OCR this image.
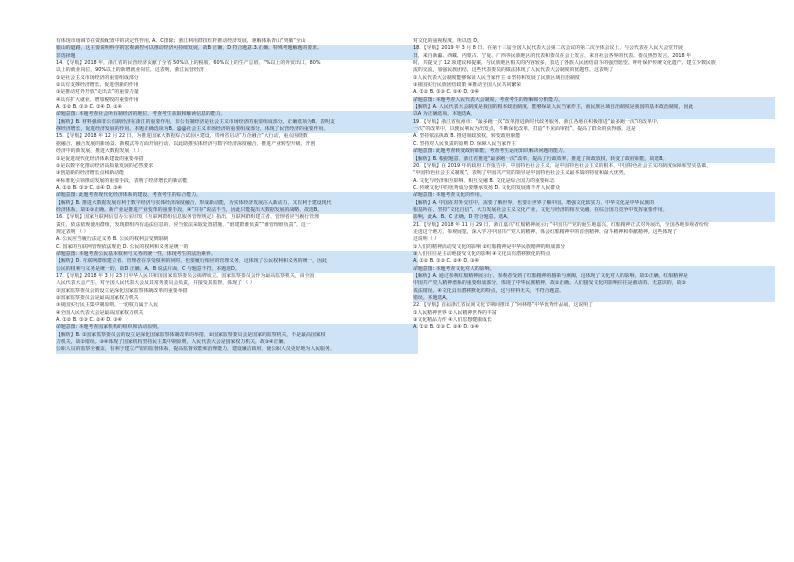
有体现市场调节在资源配置中的决定性作用, A、C排除；浙江利用群技红杆推动经济发展，驱解体系青山“突破”全山
银山的道路，这主要说明科学的宏观调控可以推动经济可持续发展，故B 正确，D 符合题意.3.正确。特殊考题解题的要求。
非选择题
14．【导航】2018 年，浙江省的民营经济贡献了全省 50%以上的税收，60%以上的生产总值，“%以上的外贸出口，80%
以上的就业岗位，90%以上的新增就业岗位，这表明，浙江民营经济
①是社会主义市场经济的重要组成部分
②具有支撑经济增长，促进创新的作用
③是推动对外开放“走出去”的重要力量
④具有扩大就业、增加税收的重要作用
A. ①② B. ①③ C. ①④ D. ②④
命题意图: 本题考查社会所有制经济的地位，考查考生获取和解读信息的能力。
【解析】B. 材料强调非公有制经济在浙江的重要作用，非公有制经济是社会主义市场经济的重要组成部分。正确选项为B，表明支
撑经济增长，促进经济发展的作用。本题正确选项为B。@@社会主义市场经济的重要组成部分，体现了民营经济的重要作用。
15．【导航】2018 年 12 月 22 日，为推进国家大数据综合试验区建设，贵州省启动“万企融合”大行动，重点围绕数
据融合、融合发展的新场景、新模式等方面开展行动，以此助推实体经济与数字经济深度融合，推进产业转型升级，开创
经济中的新发展，推进大数据发展 （ ）
①是促进现代化经济体系建设的重要举措
②是以数字化推动经济高质量发展的必然要求
③创造新的经济增长点和新动能
④标准化引领推动发展的重要手段，表明了经济增长的新动能
A. ①② B. ①③ C. ②④ D. ③④
命题意图: 此题考查现代化经济体系的建设，考查考生的综合能力。
【解析】B. 推进大数据发展有利于数字经济与实体经济深度融合，形成新动能，为实体经济发展注入新动力，又有利于建设现代
经济体系。故①③正确。新产业是推进产业变革的重要手段，④“并存”说法不当，因此只能提出大数据发展的战略，故选B。
16．【导航】国家互联网信息办公室印发《互联网群组信息服务管理规定》指出，互联网群组建立者、管理者应当履行管理
责任，依法依规使用群组，发现群组内有违法信息的，应当依法采取处置措施，“谁建群谁负责”“谁管理谁负责”。这一
规定表明 （ ）
A. 公民应当履行法定义务 B. 公民的权利会受到限制
C. 国家的互联网管理依法规范 D. 公民的权利和义务是统一的
命题意图: 本题考查公民基本权利与义务的统一性，体现考生的法治素养。
【解析】D. 互联网群组建立者、管理者在享受权利的同时，也要履行相应的管理义务，这体现了公民权利和义务的统一。因此
公民的权利与义务是统一的，故D 正确。A、B 说法片面，C 与题意不符。本题选D。
17．【导航】2018 年 3 月 23 日中华人民共和国国家监察委员会揭牌成立。国家监察委员会作为最高监察机关，由全国
人民代表大会产生，对全国人民代表大会及其常务委员会负责，并接受其监督，体现了 （ ）
①国家监察委员会的设立是深化国家监察体制改革的重要举措
②国家监察委员会是最高国家权力机关
③我国实行民主集中制原则，一切权力属于人民
④全国人民代表大会是最高国家权力机关
A. ①② B. ①③ C. ②④ D. ③④
命题意图: 本题考查国家机构的组织和活动原则。
【解析】B. ①国家监察委员会的设立是深化国家监察体制改革的举措，②国家监察委员会是国家的监察机关，不是最高国家权
力机关，故②错误。③④体现了国家机构坚持民主集中制原则，人民代表大会是国家权力机关，故③④正确。
公职人员的监察全覆盖，有利于建立严密的监督体系，提高监督效能和治理能力，建设廉洁政府，使公职人员更好地为人民服务。
对文化的重视程度，所以选 D。
18．【导航】2019 年 3 月 8 日，在第十三届全国人民代表大会第二次会议的第二次全体会议上，与会代表在人民大会堂开展
日，来自新疆、西藏、内蒙古、宁夏、广西等民族地区的代表和委员在会上发言，来自社会各界的代表、委员热烈发言。2018 年
时，共提交了 12 项建议和提案，与民族地区相关的内容较多，表达了各族人民团结奋斗的强烈愿望。呼吁保护传统文化遗产，建立少数民族
流的交流，加强民族团结，这些代表委员的做法体现了人民代表大会制度的优越性。这表明了
①人民代表大会制度能够保证人民当家作主 ②坚持和发展了民族区域自治制度
③我国实行民族团结政策 ④推动全国人民共同繁荣
A. ①② B. ①③ C. ②④ D. ③④
命题意图: 本题考查人民代表大会制度，考查考生的理解和分析能力。
【解析】A. 人民代表大会制度是我国的根本政治制度，能够保证人民当家作主，而民族区域自治制度是我国的基本政治制度，因此
以A 为正确选项。本题选A。
19．【导航】浙江省杭州市：“最多跑一次”改革推进新时代政务服务，浙江各地在积极推进“最多跑一次”的改革中，
一次”的改革中，以便民利民为出发点，不断深化改革，打造“不见面审批”，提高了群众的获得感。这是
A. 坚持依法执政 B. 推进简政放权，转变政府职能
C. 坚持对人民负责的原则 D. 保障人民当家作主
命题意图: 此题考查转变政府职能，考查考生运用知识解决问题的能力。
【解析】B. 根据题意，浙江省推进“最多跑一次”改革，提高了行政效率，推进了简政放权，转变了政府职能，故选B。
20．【导航】在 2019 年的政府工作报告中，中国特色社会主义，是中国特色社会主义的根本，中国特色社会主义的制度保障和坚实基础，
“中国特色社会主义制度”，表明了中国共产党的领导是中国特色社会主义最本质的特征和最大优势。
A. 文化与经济相互影响、相互交融 B. 文化是综合国力的重要标志
C. 传统文化中的优秀成分要继承发扬 D. 文化的发展离不开人民群众
命题意图: 本题考查文化的作用。
【解析】A. 中国在对外交往中，需要了解世界，也要让世界了解中国。增强文化软实力，中华文化是中华民族的
根基所在，坚持“文化自信”，大力发展社会主义文化产业，文化与经济的相互交融，在综合国力竞争中发挥重要作用。
影响，此A、B、C 正确，D 符合题意。选A。
21．【导航】2018 年 11 月 29 日，浙江嘉兴“红船精神展示厅”中国共产党的诞生地嘉兴。红船精神正式对外展出，全国各地参观者纷纷
走进这个地方，参观展览，深入学习中国共产党人的精神，体会红船精神中的首创精神、奋斗精神和奉献精神。这些体现了
这说明（ ）
①人们的精神活动受文化的影响 ②红船精神是中华民族精神的组成部分
③人们往往是主动地接受文化的影响 ④文化具有潜移默化的特点
A. ①② B. ①③ C. ②④ D. ③④
命题意图: 本题考查文化对人的影响。
【解析】A. 通过参观红船精神展示厅，参观者受到了红船精神的感染与熏陶，这体现了文化对人的影响，故①正确。红船精神是
中国共产党人精神谱系的重要组成部分，体现了中华民族精神，故②正确。人们接受文化的影响往往是被动的、无意识的，故③
说法错误。④文化具有潜移默化的特点，这与材料无关，不符合题意。
错误。本题选A。
22．【导航】首届浙江省民间文化节期间推出了“阿林格”中华优秀作品展，这说明了
①人民精神世界 ②人民精神世界的丰富
③文化精品力作 ④人们思想健康成长
A. ①② B. ①③ C. ②④ D. ③④
